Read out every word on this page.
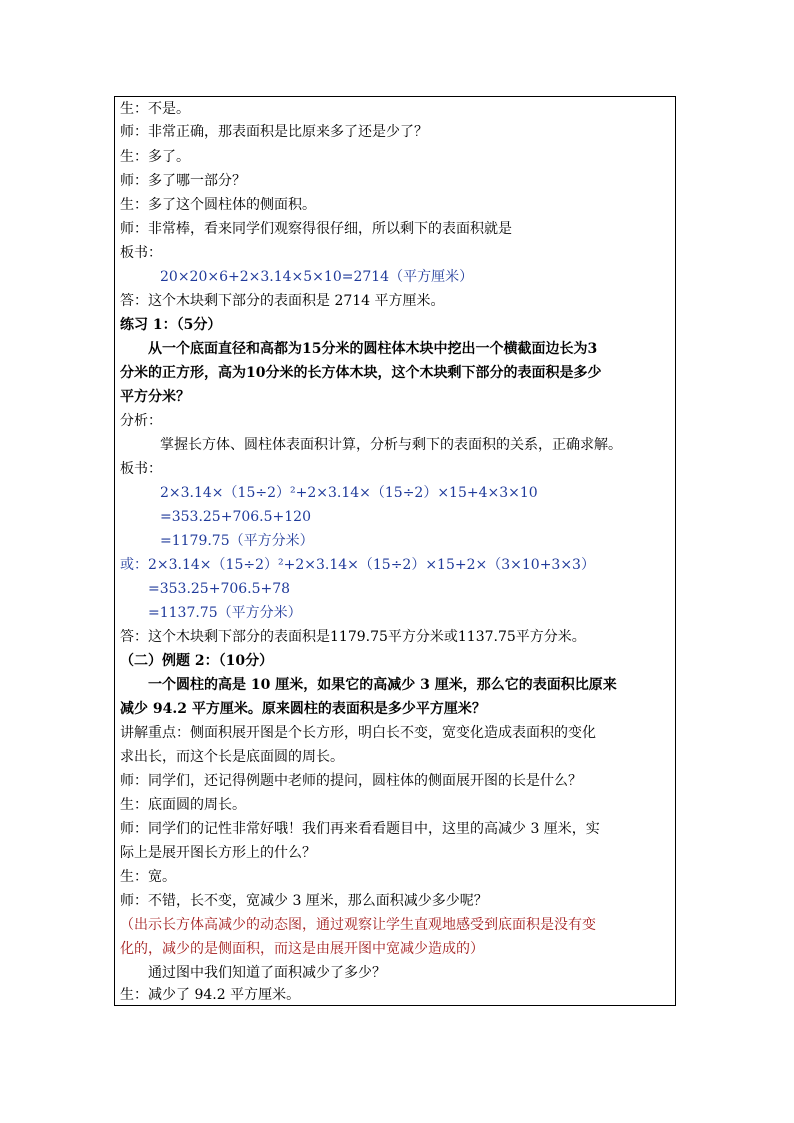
生：不是。

师：非常正确，那表面积是比原来多了还是少了？

生：多了。

师：多了哪一部分？

生：多了这个圆柱体的侧面积。

师：非常棒，看来同学们观察得很仔细，所以剩下的表面积就是

板书：

20×20×6+2×3.14×5×10=2714（平方厘米）

答：这个木块剩下部分的表面积是 2714 平方厘米。

练习 1：（5分）

从一个底面直径和高都为15分米的圆柱体木块中挖出一个横截面边长为3

分米的正方形，高为10分米的长方体木块，这个木块剩下部分的表面积是多少

平方分米？

分析：

掌握长方体、圆柱体表面积计算，分析与剩下的表面积的关系，正确求解。

板书：

2×3.14×（15÷2）²+2×3.14×（15÷2）×15+4×3×10

=353.25+706.5+120

=1179.75（平方分米）

或：2×3.14×（15÷2）²+2×3.14×（15÷2）×15+2×（3×10+3×3）

=353.25+706.5+78

=1137.75（平方分米）

答：这个木块剩下部分的表面积是1179.75平方分米或1137.75平方分米。

（二）例题 2：（10分）

一个圆柱的高是 10 厘米，如果它的高减少 3 厘米，那么它的表面积比原来

减少 94.2 平方厘米。原来圆柱的表面积是多少平方厘米？

讲解重点：侧面积展开图是个长方形，明白长不变，宽变化造成表面积的变化

求出长，而这个长是底面圆的周长。

师：同学们，还记得例题中老师的提问，圆柱体的侧面展开图的长是什么？

生：底面圆的周长。

师：同学们的记性非常好哦！我们再来看看题目中，这里的高减少 3 厘米，实

际上是展开图长方形上的什么？

生：宽。

师：不错，长不变，宽减少 3 厘米，那么面积减少多少呢？

（出示长方体高减少的动态图，通过观察让学生直观地感受到底面积是没有变

化的，减少的是侧面积，而这是由展开图中宽减少造成的）

通过图中我们知道了面积减少了多少？

生：减少了 94.2 平方厘米。
